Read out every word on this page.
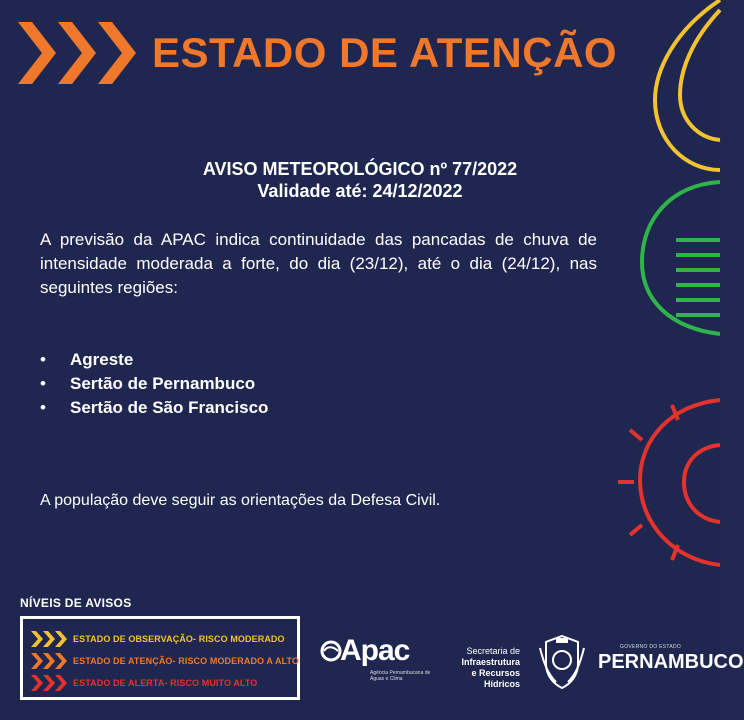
ESTADO DE ATENÇÃO
AVISO METEOROLÓGICO nº 77/2022
Validade até: 24/12/2022
A previsão da APAC indica continuidade das pancadas de chuva de intensidade moderada a forte, do dia (23/12), até o dia (24/12), nas seguintes regiões:
• Agreste
• Sertão de Pernambuco
• Sertão de São Francisco
A população deve seguir as orientações da Defesa Civil.
NÍVEIS DE AVISOS
ESTADO DE OBSERVAÇÃO - RISCO MODERADO
ESTADO DE ATENÇÃO - RISCO MODERADO A ALTO
ESTADO DE ALERTA - RISCO MUITO ALTO
Apac
Agência Pernambucana de Águas e Clima
Secretaria de
Infraestrutura
e Recursos Hídricos
GOVERNO DO ESTADO
PERNAMBUCO
